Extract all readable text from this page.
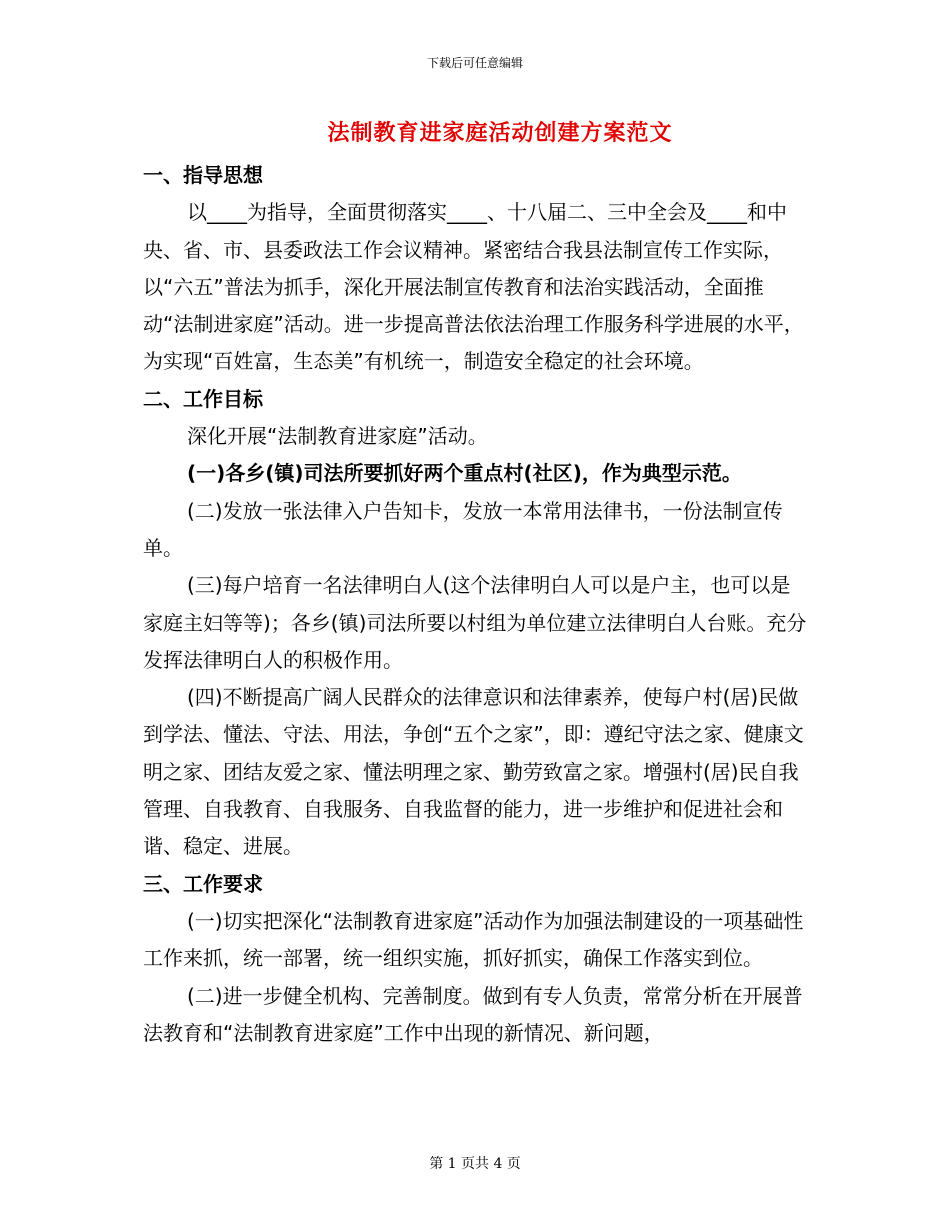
下载后可任意编辑
法制教育进家庭活动创建方案范文

一、指导思想

以____为指导，全面贯彻落实____、十八届二、三中全会及____和中央、省、市、县委政法工作会议精神。紧密结合我县法制宣传工作实际，以“六五”普法为抓手，深化开展法制宣传教育和法治实践活动，全面推动“法制进家庭”活动。进一步提高普法依法治理工作服务科学进展的水平，为实现“百姓富，生态美”有机统一，制造安全稳定的社会环境。

二、工作目标

深化开展“法制教育进家庭”活动。

(一)各乡(镇)司法所要抓好两个重点村(社区)，作为典型示范。

(二)发放一张法律入户告知卡，发放一本常用法律书，一份法制宣传单。

(三)每户培育一名法律明白人(这个法律明白人可以是户主，也可以是家庭主妇等等)；各乡(镇)司法所要以村组为单位建立法律明白人台账。充分发挥法律明白人的积极作用。

(四)不断提高广阔人民群众的法律意识和法律素养，使每户村(居)民做到学法、懂法、守法、用法，争创“五个之家”，即：遵纪守法之家、健康文明之家、团结友爱之家、懂法明理之家、勤劳致富之家。增强村(居)民自我管理、自我教育、自我服务、自我监督的能力，进一步维护和促进社会和谐、稳定、进展。

三、工作要求

(一)切实把深化“法制教育进家庭”活动作为加强法制建设的一项基础性工作来抓，统一部署，统一组织实施，抓好抓实，确保工作落实到位。

(二)进一步健全机构、完善制度。做到有专人负责，常常分析在开展普法教育和“法制教育进家庭”工作中出现的新情况、新问题，

第 1 页共 4 页
